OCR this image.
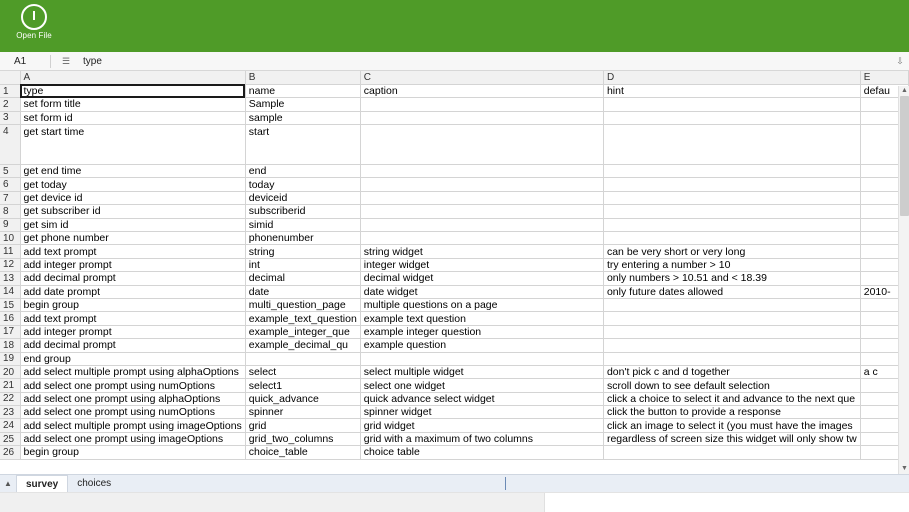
Open File
A1	☰	type	⇩
	A	B	C	D	E
1	type	name	caption	hint	defau
2	set form title	Sample			
3	set form id	sample			
4	get start time	start			
5	get end time	end			
6	get today	today			
7	get device id	deviceid			
8	get subscriber id	subscriberid			
9	get sim id	simid			
10	get phone number	phonenumber			
11	add text prompt	string	string widget	can be very short or very long	
12	add integer prompt	int	integer widget	try entering a number > 10	
13	add decimal prompt	decimal	decimal widget	only numbers > 10.51 and < 18.39	
14	add date prompt	date	date widget	only future dates allowed	2010-
15	begin group	multi_question_page	multiple questions on a page		
16	add text prompt	example_text_question	example text question		
17	add integer prompt	example_integer_que	example integer question		
18	add decimal prompt	example_decimal_qu	example question		
19	end group				
20	add select multiple prompt using alphaOptions	select	select multiple widget	don't pick c and d together	a c
21	add select one prompt using numOptions	select1	select one widget	scroll down to see default selection	
22	add select one prompt using alphaOptions	quick_advance	quick advance select widget	click a choice to select it and advance to the next que	
23	add select one prompt using numOptions	spinner	spinner widget	click the button to provide a response	
24	add select multiple prompt using imageOptions	grid	grid widget	click an image to select it (you must have the images	
25	add select one prompt using imageOptions	grid_two_columns	grid with a maximum of two columns	regardless of screen size this widget will only show tw	
26	begin group	choice_table	choice table		
▲
▼
▲	survey	choices
